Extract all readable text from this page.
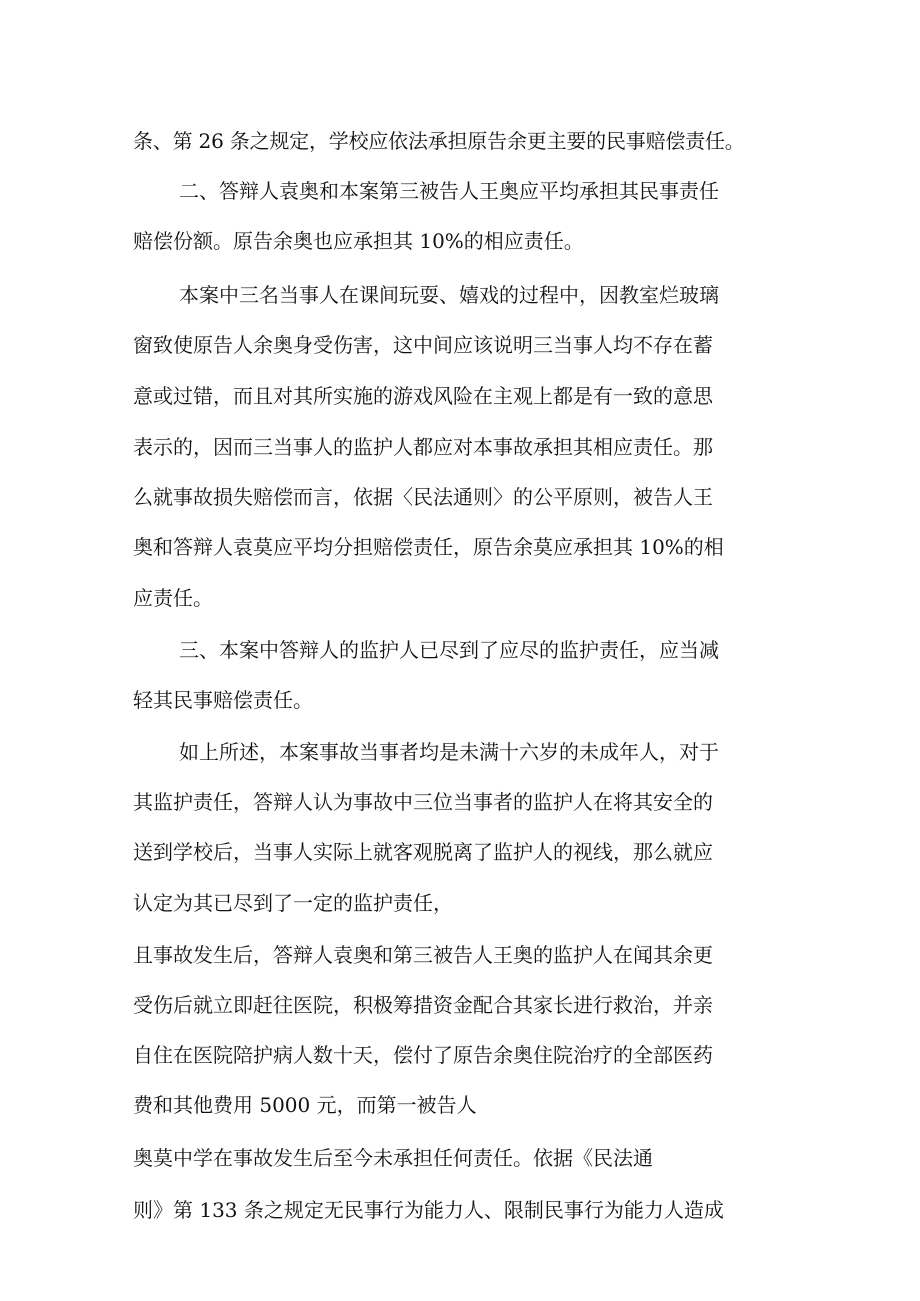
条、第 26 条之规定，学校应依法承担原告余更主要的民事赔偿责任。
二、答辩人袁奥和本案第三被告人王奥应平均承担其民事责任
赔偿份额。原告余奥也应承担其 10%的相应责任。
本案中三名当事人在课间玩耍、嬉戏的过程中，因教室烂玻璃
窗致使原告人余奥身受伤害，这中间应该说明三当事人均不存在蓄
意或过错，而且对其所实施的游戏风险在主观上都是有一致的意思
表示的，因而三当事人的监护人都应对本事故承担其相应责任。那
么就事故损失赔偿而言，依据〈民法通则〉的公平原则，被告人王
奥和答辩人袁莫应平均分担赔偿责任，原告余莫应承担其 10%的相
应责任。
三、本案中答辩人的监护人已尽到了应尽的监护责任，应当减
轻其民事赔偿责任。
如上所述，本案事故当事者均是未满十六岁的未成年人，对于
其监护责任，答辩人认为事故中三位当事者的监护人在将其安全的
送到学校后，当事人实际上就客观脱离了监护人的视线，那么就应
认定为其已尽到了一定的监护责任，
且事故发生后，答辩人袁奥和第三被告人王奥的监护人在闻其余更
受伤后就立即赶往医院，积极筹措资金配合其家长进行救治，并亲
自住在医院陪护病人数十天，偿付了原告余奥住院治疗的全部医药
费和其他费用 5000 元，而第一被告人
奥莫中学在事故发生后至今未承担任何责任。依据《民法通
则》第 133 条之规定无民事行为能力人、限制民事行为能力人造成
